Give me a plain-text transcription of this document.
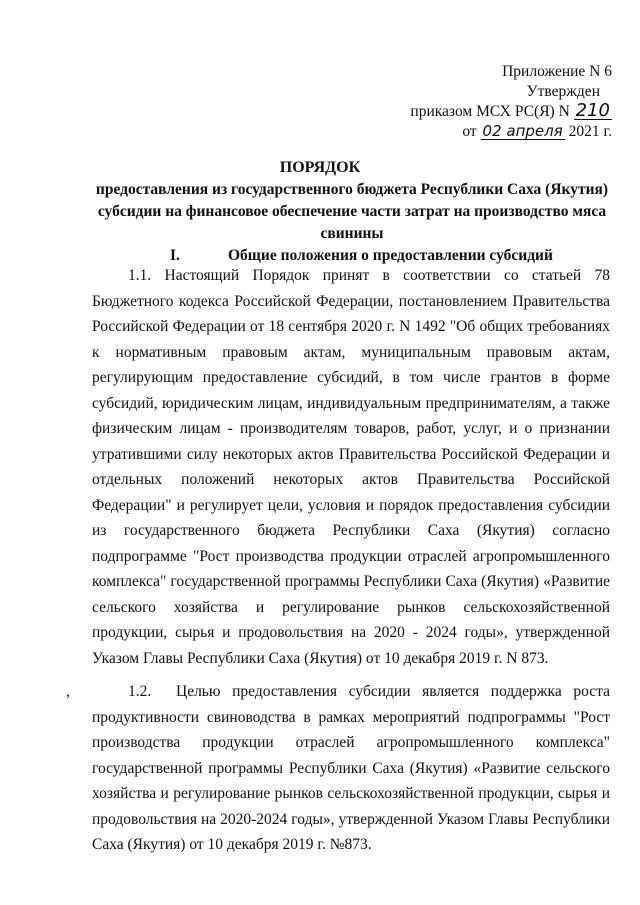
Приложение N 6
Утвержден
приказом МСХ РС(Я) N 210
от 02 апреля 2021 г.
ПОРЯДОК
предоставления из государственного бюджета Республики Саха (Якутия) субсидии на финансовое обеспечение части затрат на производство мяса свинины
I.	Общие положения о предоставлении субсидий

1.1. Настоящий Порядок принят в соответствии со статьей 78 Бюджетного кодекса Российской Федерации, постановлением Правительства Российской Федерации от 18 сентября 2020 г. N 1492 "Об общих требованиях к нормативным правовым актам, муниципальным правовым актам, регулирующим предоставление субсидий, в том числе грантов в форме субсидий, юридическим лицам, индивидуальным предпринимателям, а также физическим лицам - производителям товаров, работ, услуг, и о признании утратившими силу некоторых актов Правительства Российской Федерации и отдельных положений некоторых актов Правительства Российской Федерации" и регулирует цели, условия и порядок предоставления субсидии из государственного бюджета Республики Саха (Якутия) согласно подпрограмме "Рост производства продукции отраслей агропромышленного комплекса" государственной программы Республики Саха (Якутия) «Развитие сельского хозяйства и регулирование рынков сельскохозяйственной продукции, сырья и продовольствия на 2020 - 2024 годы», утвержденной Указом Главы Республики Саха (Якутия) от 10 декабря 2019 г. N 873.

,	1.2. Целью предоставления субсидии является поддержка роста продуктивности свиноводства в рамках мероприятий подпрограммы "Рост производства продукции отраслей агропромышленного комплекса" государственной программы Республики Саха (Якутия) «Развитие сельского хозяйства и регулирование рынков сельскохозяйственной продукции, сырья и продовольствия на 2020-2024 годы», утвержденной Указом Главы Республики Саха (Якутия) от 10 декабря 2019 г. №873.
